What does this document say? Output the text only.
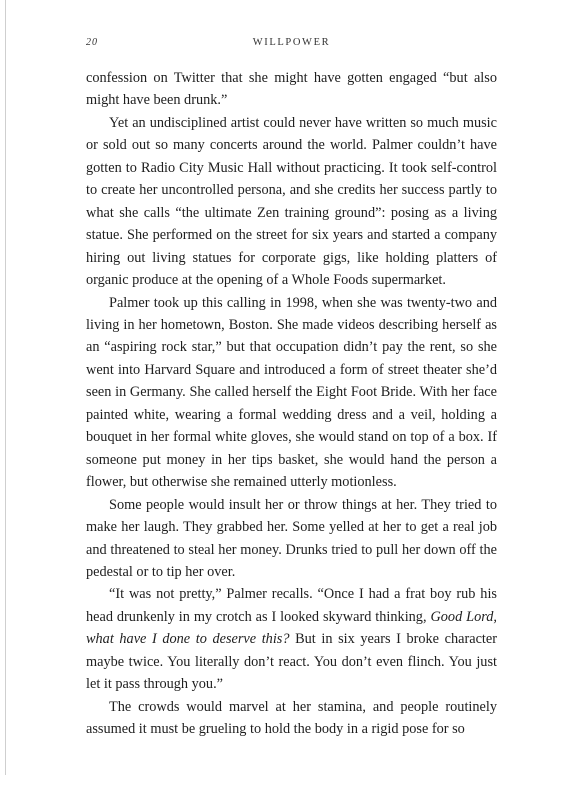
20	WILLPOWER

confession on Twitter that she might have gotten engaged “but also might have been drunk.”

Yet an undisciplined artist could never have written so much music or sold out so many concerts around the world. Palmer couldn’t have gotten to Radio City Music Hall without practicing. It took self-control to create her uncontrolled persona, and she credits her success partly to what she calls “the ultimate Zen training ground”: posing as a living statue. She performed on the street for six years and started a company hiring out living statues for corporate gigs, like holding platters of organic produce at the opening of a Whole Foods supermarket.

Palmer took up this calling in 1998, when she was twenty-two and living in her hometown, Boston. She made videos describing herself as an “aspiring rock star,” but that occupation didn’t pay the rent, so she went into Harvard Square and introduced a form of street theater she’d seen in Germany. She called herself the Eight Foot Bride. With her face painted white, wearing a formal wedding dress and a veil, holding a bouquet in her formal white gloves, she would stand on top of a box. If someone put money in her tips basket, she would hand the person a flower, but otherwise she remained utterly motionless.

Some people would insult her or throw things at her. They tried to make her laugh. They grabbed her. Some yelled at her to get a real job and threatened to steal her money. Drunks tried to pull her down off the pedestal or to tip her over.

“It was not pretty,” Palmer recalls. “Once I had a frat boy rub his head drunkenly in my crotch as I looked skyward thinking, Good Lord, what have I done to deserve this? But in six years I broke character maybe twice. You literally don’t react. You don’t even flinch. You just let it pass through you.”

The crowds would marvel at her stamina, and people routinely assumed it must be grueling to hold the body in a rigid pose for so
